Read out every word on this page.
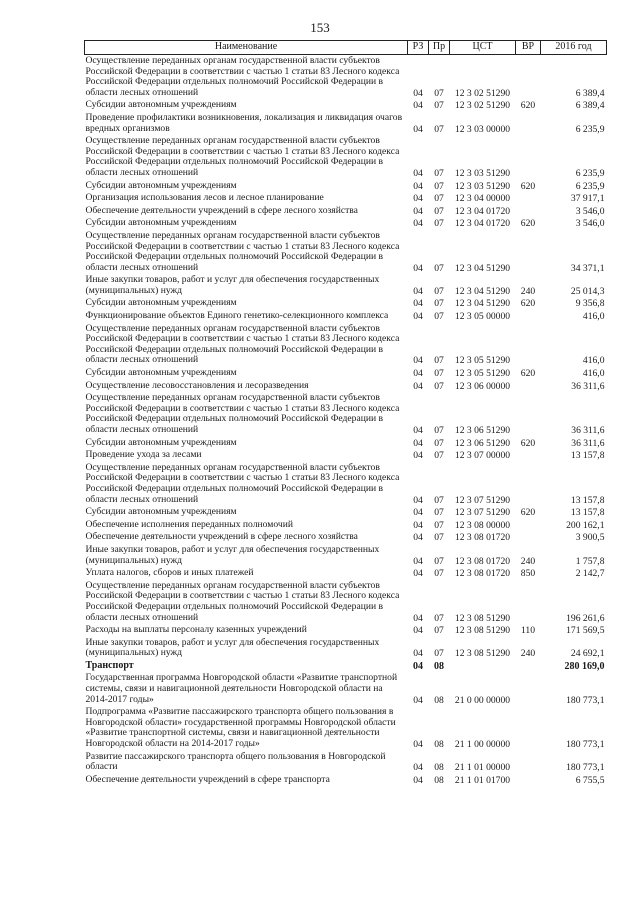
153
Наименование	РЗ	Пр	ЦСТ	ВР	2016 год
Осуществление переданных органам государственной власти субъектов Российской Федерации в соответствии с частью 1 статьи 83 Лесного кодекса Российской Федерации отдельных полномочий Российской Федерации в области лесных отношений	04	07	12 3 02 51290		6 389,4
Субсидии автономным учреждениям	04	07	12 3 02 51290	620	6 389,4
Проведение профилактики возникновения, локализация и ликвидация очагов вредных организмов	04	07	12 3 03 00000		6 235,9
Осуществление переданных органам государственной власти субъектов Российской Федерации в соответствии с частью 1 статьи 83 Лесного кодекса Российской Федерации отдельных полномочий Российской Федерации в области лесных отношений	04	07	12 3 03 51290		6 235,9
Субсидии автономным учреждениям	04	07	12 3 03 51290	620	6 235,9
Организация использования лесов и лесное планирование	04	07	12 3 04 00000		37 917,1
Обеспечение деятельности учреждений в сфере лесного хозяйства	04	07	12 3 04 01720		3 546,0
Субсидии автономным учреждениям	04	07	12 3 04 01720	620	3 546,0
Осуществление переданных органам государственной власти субъектов Российской Федерации в соответствии с частью 1 статьи 83 Лесного кодекса Российской Федерации отдельных полномочий Российской Федерации в области лесных отношений	04	07	12 3 04 51290		34 371,1
Иные закупки товаров, работ и услуг для обеспечения государственных (муниципальных) нужд	04	07	12 3 04 51290	240	25 014,3
Субсидии автономным учреждениям	04	07	12 3 04 51290	620	9 356,8
Функционирование объектов Единого генетико-селекционного комплекса	04	07	12 3 05 00000		416,0
Осуществление переданных органам государственной власти субъектов Российской Федерации в соответствии с частью 1 статьи 83 Лесного кодекса Российской Федерации отдельных полномочий Российской Федерации в области лесных отношений	04	07	12 3 05 51290		416,0
Субсидии автономным учреждениям	04	07	12 3 05 51290	620	416,0
Осуществление лесовосстановления и лесоразведения	04	07	12 3 06 00000		36 311,6
Осуществление переданных органам государственной власти субъектов Российской Федерации в соответствии с частью 1 статьи 83 Лесного кодекса Российской Федерации отдельных полномочий Российской Федерации в области лесных отношений	04	07	12 3 06 51290		36 311,6
Субсидии автономным учреждениям	04	07	12 3 06 51290	620	36 311,6
Проведение ухода за лесами	04	07	12 3 07 00000		13 157,8
Осуществление переданных органам государственной власти субъектов Российской Федерации в соответствии с частью 1 статьи 83 Лесного кодекса Российской Федерации отдельных полномочий Российской Федерации в области лесных отношений	04	07	12 3 07 51290		13 157,8
Субсидии автономным учреждениям	04	07	12 3 07 51290	620	13 157,8
Обеспечение исполнения переданных полномочий	04	07	12 3 08 00000		200 162,1
Обеспечение деятельности учреждений в сфере лесного хозяйства	04	07	12 3 08 01720		3 900,5
Иные закупки товаров, работ и услуг для обеспечения государственных (муниципальных) нужд	04	07	12 3 08 01720	240	1 757,8
Уплата налогов, сборов и иных платежей	04	07	12 3 08 01720	850	2 142,7
Осуществление переданных органам государственной власти субъектов Российской Федерации в соответствии с частью 1 статьи 83 Лесного кодекса Российской Федерации отдельных полномочий Российской Федерации в области лесных отношений	04	07	12 3 08 51290		196 261,6
Расходы на выплаты персоналу казенных учреждений	04	07	12 3 08 51290	110	171 569,5
Иные закупки товаров, работ и услуг для обеспечения государственных (муниципальных) нужд	04	07	12 3 08 51290	240	24 692,1
Транспорт	04	08			280 169,0
Государственная программа Новгородской области «Развитие транспортной системы, связи и навигационной деятельности Новгородской области на 2014-2017 годы»	04	08	21 0 00 00000		180 773,1
Подпрограмма «Развитие пассажирского транспорта общего пользования в Новгородской области» государственной программы Новгородской области «Развитие транспортной системы, связи и навигационной деятельности Новгородской области на 2014-2017 годы»	04	08	21 1 00 00000		180 773,1
Развитие пассажирского транспорта общего пользования в Новгородской области	04	08	21 1 01 00000		180 773,1
Обеспечение деятельности учреждений в сфере транспорта	04	08	21 1 01 01700		6 755,5
